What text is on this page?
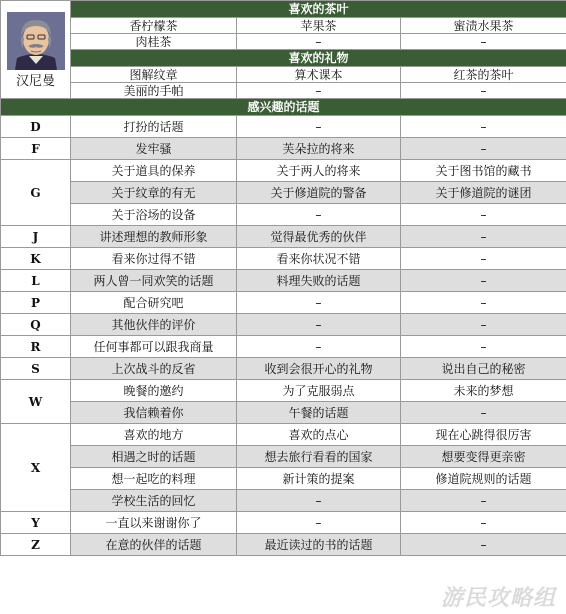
汉尼曼	喜欢的茶叶		
	香柠檬茶	苹果茶	蜜渍水果茶
	肉桂茶	–	–
	喜欢的礼物		
	图解纹章	算术课本	红茶的茶叶
	美丽的手帕	–	–
感兴趣的话题			
D	打扮的话题	–	–
F	发牢骚	芙朵拉的将来	–
G	关于道具的保养	关于两人的将来	关于图书馆的藏书
	关于纹章的有无	关于修道院的警备	关于修道院的谜团
	关于浴场的设备	–	–
J	讲述理想的教师形象	觉得最优秀的伙伴	–
K	看来你过得不错	看来你状况不错	–
L	两人曾一同欢笑的话题	料理失败的话题	–
P	配合研究吧	–	–
Q	其他伙伴的评价	–	–
R	任何事都可以跟我商量	–	–
S	上次战斗的反省	收到会很开心的礼物	说出自己的秘密
W	晚餐的邀约	为了克服弱点	未来的梦想
	我信赖着你	午餐的话题	–
X	喜欢的地方	喜欢的点心	现在心跳得很厉害
	相遇之时的话题	想去旅行看看的国家	想要变得更亲密
	想一起吃的料理	新计策的提案	修道院规则的话题
	学校生活的回忆	–	–
Y	一直以来谢谢你了	–	–
Z	在意的伙伴的话题	最近读过的书的话题	–
游民攻略组
